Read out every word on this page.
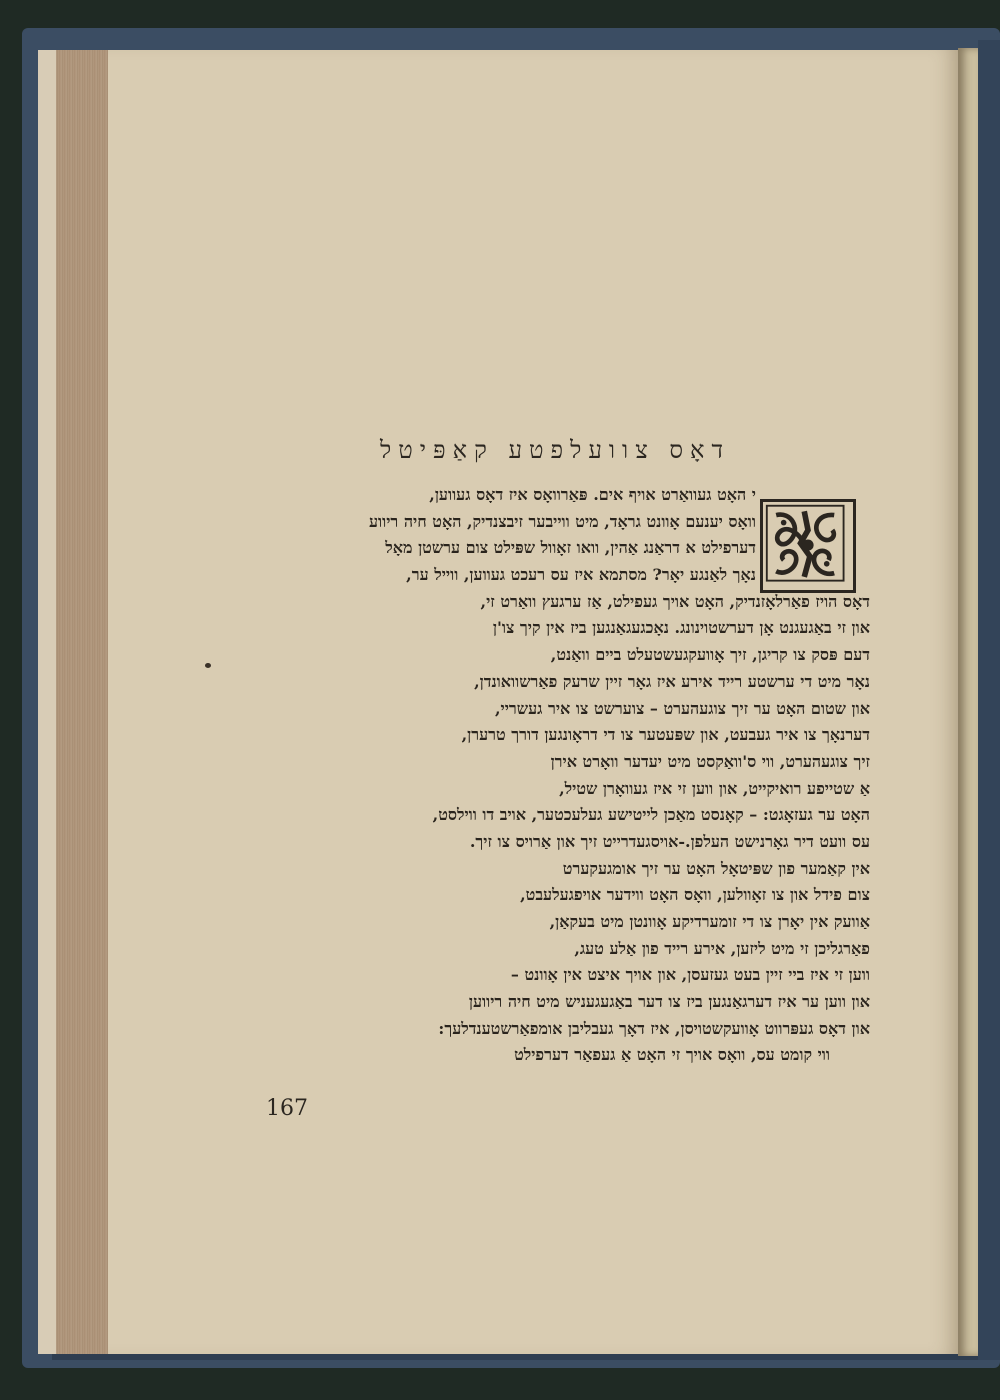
דאָס צוועלפטע קאַפּיטל
י האָט געוואַרט אויף אים. פּאַרוואָס איז דאָס געווען,
וואָס יענעם אָוונט גראָד, מיט ווייבער זיבצנדיק, האָט חיה ריווע
דערפילט א דראַנג אַהין, וואו זאָוול שפּילט צום ערשטן מאָל
נאָך לאַנגע יאָר? מסתמא איז עס רעכט געווען, ווייל ער,
דאָס הויז פאַרלאָזנדיק, האָט אויך געפילט, אַז ערגעץ וואַרט זי,
און זי באַגעגנט אָן דערשטוינונג. נאָכגעגאַנגען ביז אין קיך צו'ן
דעם פּסק צו קריגן, זיך אָוועקגעשטעלט ביים וואַנט,
נאָר מיט די ערשטע רייד אירע איז גאָר זיין שרעק פאַרשוואונדן,
און שטום האָט ער זיך צוגעהערט – צוערשט צו איר געשריי,
דערנאָך צו איר געבעט, און שפּעטער צו די דראָונגען דורך טרערן,
זיך צוגעהערט, ווי ס'וואַקסט מיט יעדער וואָרט אירן
אַ שטייפע רואיקייט, און ווען זי איז געוואָרן שטיל,
האָט ער געזאָגט: – קאָנסט מאַכן לייטישע געלעכטער, אויב דו ווילסט,
עס וועט דיר גאָרנישט העלפן.-אויסגעדרייט זיך און אַרויס צו זיך.
אין קאַמער פון שפּיטאָל האָט ער זיך אומגעקערט
צום פידל און צו זאָוולען, וואָס האָט ווידער אויפגעלעבט,
אַוועק אין יאָרן צו די זומערדיקע אָוונטן מיט בעקאַן,
פאַרגליכן זי מיט ליזען, אירע רייד פון אַלע טעג,
ווען זי איז ביי זיין בעט געזעסן, און אויך איצט אין אָוונט –
און ווען ער איז דערגאַנגען ביז צו דער באַגעגעניש מיט חיה ריווען
און דאָס געפּרווט אָוועקשטויסן, איז דאָך געבליבן אומפאַרשטענדלעך:
ווי קומט עס, וואָס אויך זי האָט אַ געפאַר דערפילט
167
